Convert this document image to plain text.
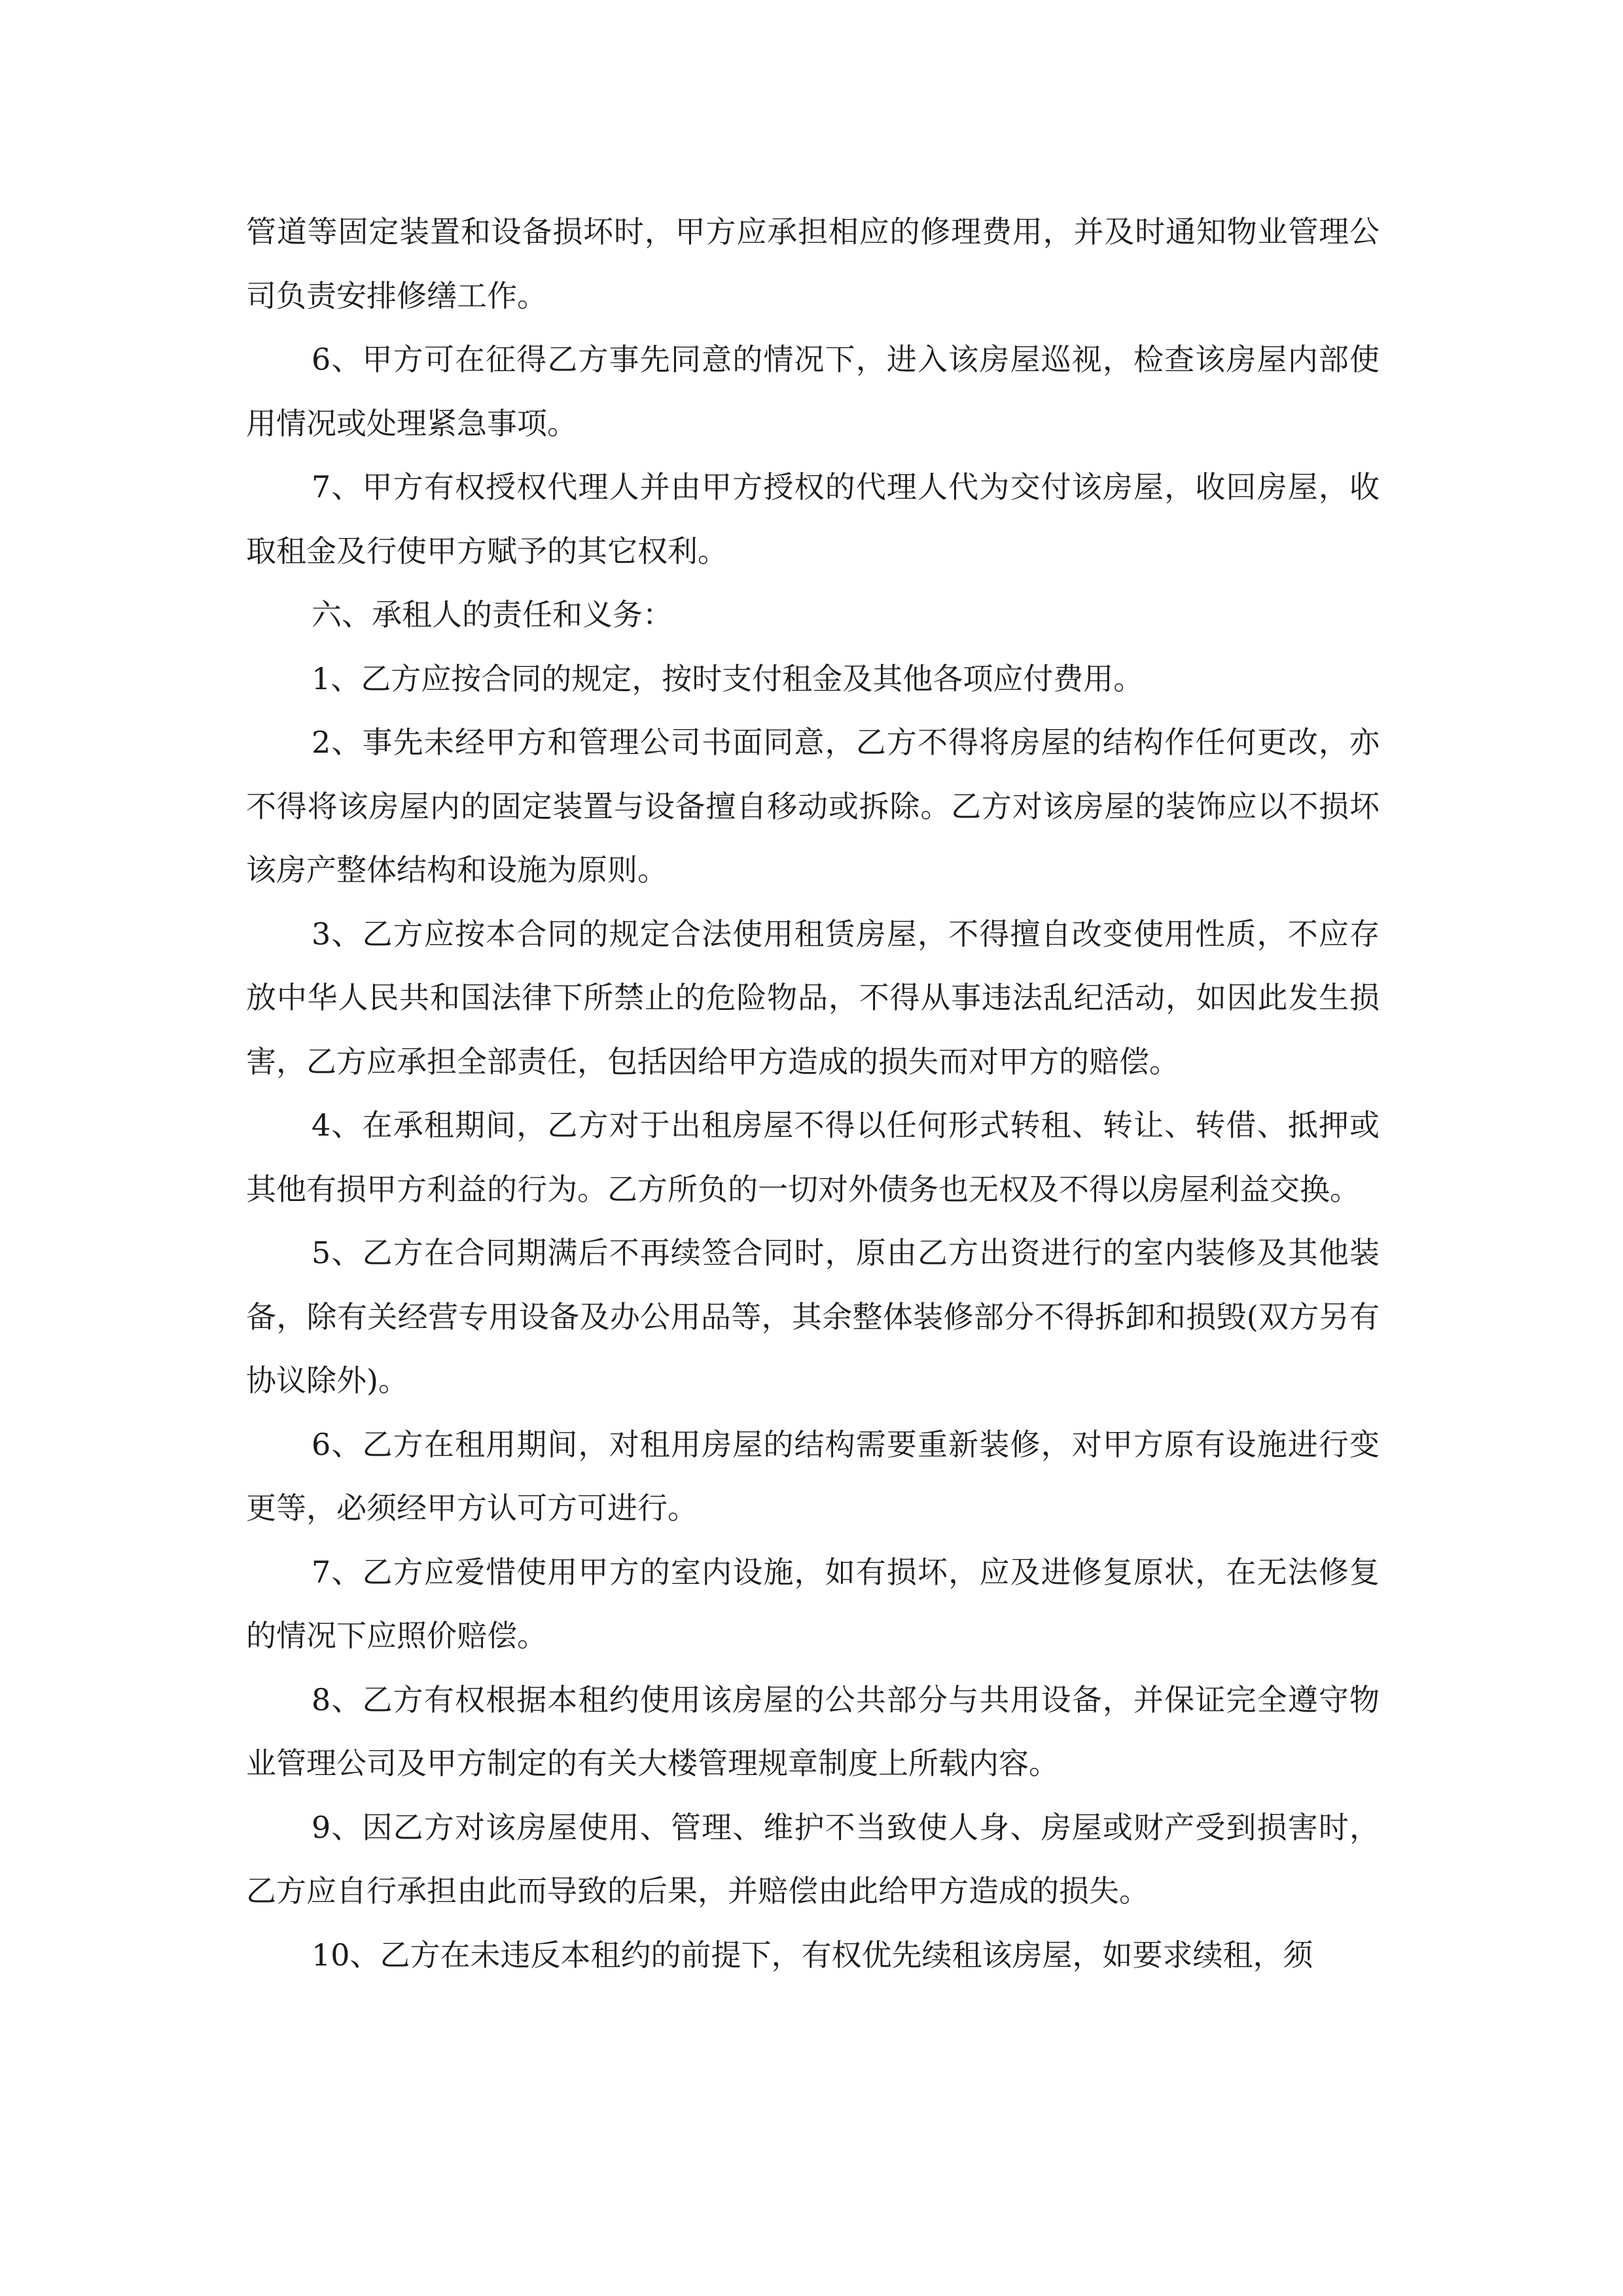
管道等固定装置和设备损坏时，甲方应承担相应的修理费用，并及时通知物业管理公司负责安排修缮工作。

6、甲方可在征得乙方事先同意的情况下，进入该房屋巡视，检查该房屋内部使用情况或处理紧急事项。

7、甲方有权授权代理人并由甲方授权的代理人代为交付该房屋，收回房屋，收取租金及行使甲方赋予的其它权利。

六、承租人的责任和义务：

1、乙方应按合同的规定，按时支付租金及其他各项应付费用。

2、事先未经甲方和管理公司书面同意，乙方不得将房屋的结构作任何更改，亦不得将该房屋内的固定装置与设备擅自移动或拆除。乙方对该房屋的装饰应以不损坏该房产整体结构和设施为原则。

3、乙方应按本合同的规定合法使用租赁房屋，不得擅自改变使用性质，不应存放中华人民共和国法律下所禁止的危险物品，不得从事违法乱纪活动，如因此发生损害，乙方应承担全部责任，包括因给甲方造成的损失而对甲方的赔偿。

4、在承租期间，乙方对于出租房屋不得以任何形式转租、转让、转借、抵押或其他有损甲方利益的行为。乙方所负的一切对外债务也无权及不得以房屋利益交换。

5、乙方在合同期满后不再续签合同时，原由乙方出资进行的室内装修及其他装备，除有关经营专用设备及办公用品等，其余整体装修部分不得拆卸和损毁(双方另有协议除外)。

6、乙方在租用期间，对租用房屋的结构需要重新装修，对甲方原有设施进行变更等，必须经甲方认可方可进行。

7、乙方应爱惜使用甲方的室内设施，如有损坏，应及进修复原状，在无法修复的情况下应照价赔偿。

8、乙方有权根据本租约使用该房屋的公共部分与共用设备，并保证完全遵守物业管理公司及甲方制定的有关大楼管理规章制度上所载内容。

9、因乙方对该房屋使用、管理、维护不当致使人身、房屋或财产受到损害时，乙方应自行承担由此而导致的后果，并赔偿由此给甲方造成的损失。

10、乙方在未违反本租约的前提下，有权优先续租该房屋，如要求续租，须
